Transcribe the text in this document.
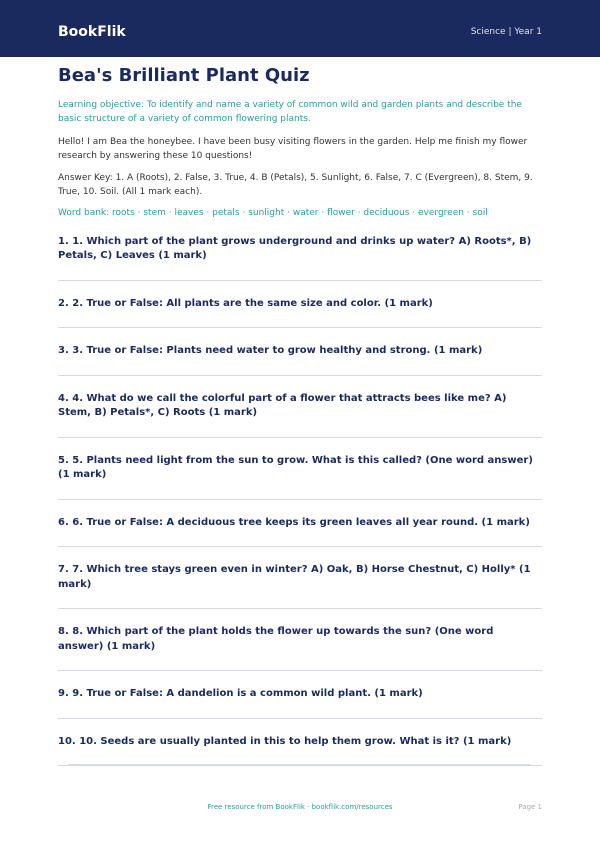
BookFlik	Science | Year 1
Bea's Brilliant Plant Quiz

Learning objective: To identify and name a variety of common wild and garden plants and describe the basic structure of a variety of common flowering plants.

Hello! I am Bea the honeybee. I have been busy visiting flowers in the garden. Help me finish my flower research by answering these 10 questions!

Answer Key: 1. A (Roots), 2. False, 3. True, 4. B (Petals), 5. Sunlight, 6. False, 7. C (Evergreen), 8. Stem, 9. True, 10. Soil. (All 1 mark each).

Word bank: roots · stem · leaves · petals · sunlight · water · flower · deciduous · evergreen · soil

1. 1. Which part of the plant grows underground and drinks up water? A) Roots*, B) Petals, C) Leaves (1 mark)
2. 2. True or False: All plants are the same size and color. (1 mark)
3. 3. True or False: Plants need water to grow healthy and strong. (1 mark)
4. 4. What do we call the colorful part of a flower that attracts bees like me? A) Stem, B) Petals*, C) Roots (1 mark)
5. 5. Plants need light from the sun to grow. What is this called? (One word answer) (1 mark)
6. 6. True or False: A deciduous tree keeps its green leaves all year round. (1 mark)
7. 7. Which tree stays green even in winter? A) Oak, B) Horse Chestnut, C) Holly* (1 mark)
8. 8. Which part of the plant holds the flower up towards the sun? (One word answer) (1 mark)
9. 9. True or False: A dandelion is a common wild plant. (1 mark)
10. 10. Seeds are usually planted in this to help them grow. What is it? (1 mark)
Free resource from BookFlik · bookflik.com/resources	Page 1
